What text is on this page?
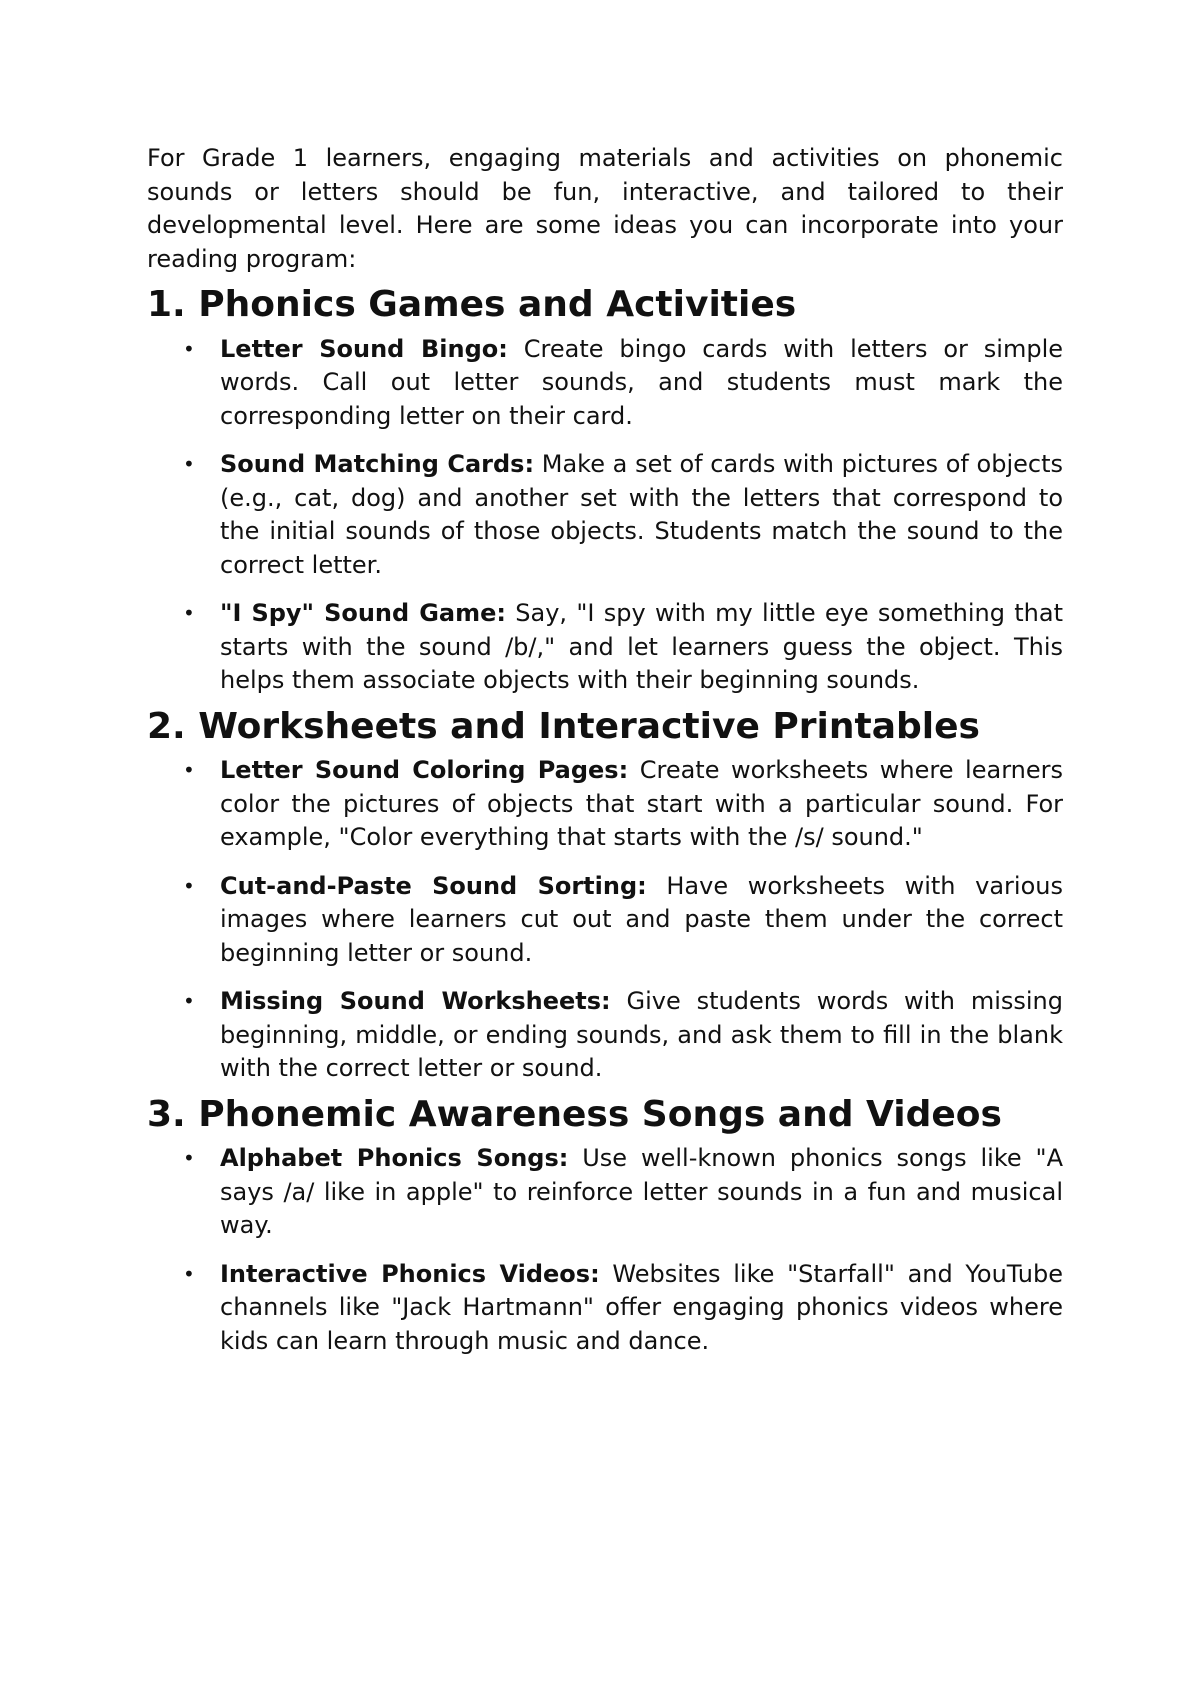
For Grade 1 learners, engaging materials and activities on phonemic sounds or letters should be fun, interactive, and tailored to their developmental level. Here are some ideas you can incorporate into your reading program:

1. Phonics Games and Activities
• Letter Sound Bingo: Create bingo cards with letters or simple words. Call out letter sounds, and students must mark the corresponding letter on their card.
• Sound Matching Cards: Make a set of cards with pictures of objects (e.g., cat, dog) and another set with the letters that correspond to the initial sounds of those objects. Students match the sound to the correct letter.
• "I Spy" Sound Game: Say, "I spy with my little eye something that starts with the sound /b/," and let learners guess the object. This helps them associate objects with their beginning sounds.
2. Worksheets and Interactive Printables
• Letter Sound Coloring Pages: Create worksheets where learners color the pictures of objects that start with a particular sound. For example, "Color everything that starts with the /s/ sound."
• Cut-and-Paste Sound Sorting: Have worksheets with various images where learners cut out and paste them under the correct beginning letter or sound.
• Missing Sound Worksheets: Give students words with missing beginning, middle, or ending sounds, and ask them to fill in the blank with the correct letter or sound.
3. Phonemic Awareness Songs and Videos
• Alphabet Phonics Songs: Use well-known phonics songs like "A says /a/ like in apple" to reinforce letter sounds in a fun and musical way.
• Interactive Phonics Videos: Websites like "Starfall" and YouTube channels like "Jack Hartmann" offer engaging phonics videos where kids can learn through music and dance.
